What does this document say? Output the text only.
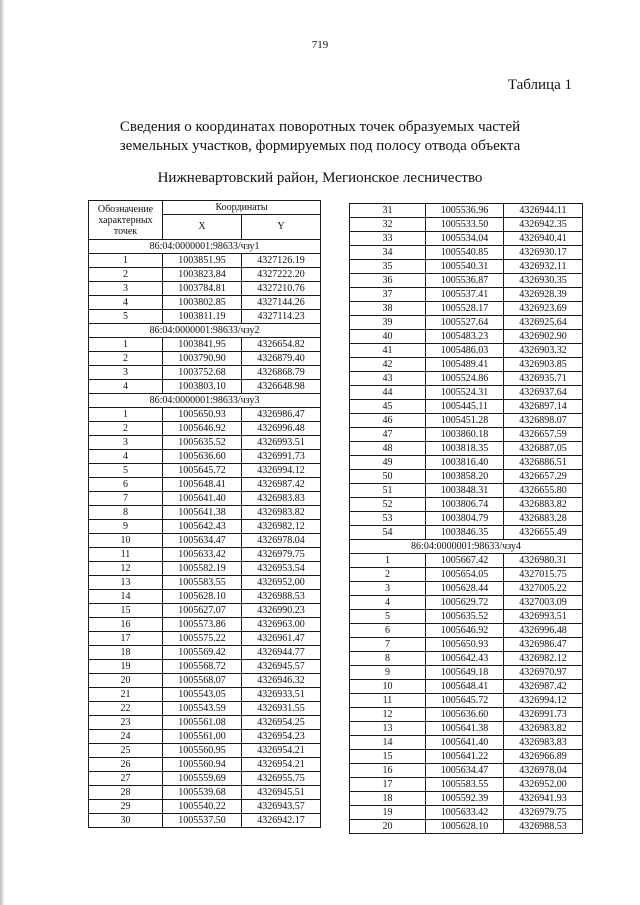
719
Таблица 1
Сведения о координатах поворотных точек образуемых частей
земельных участков, формируемых под полосу отвода объекта
Нижневартовский район, Мегионское лесничество
Обозначение характерных точек	Координаты	
	X	Y
86:04:0000001:98633/чзу1		
1	1003851.95	4327126.19
2	1003823.84	4327222.20
3	1003784.81	4327210.76
4	1003802.85	4327144.26
5	1003811.19	4327114.23
86:04:0000001:98633/чзу2		
1	1003841.95	4326654.82
2	1003790.90	4326879.40
3	1003752.68	4326868.79
4	1003803.10	4326648.98
86:04:0000001:98633/чзу3		
1	1005650.93	4326986.47
2	1005646.92	4326996.48
3	1005635.52	4326993.51
4	1005636.60	4326991.73
5	1005645.72	4326994.12
6	1005648.41	4326987.42
7	1005641.40	4326983.83
8	1005641.38	4326983.82
9	1005642.43	4326982.12
10	1005634.47	4326978.04
11	1005633.42	4326979.75
12	1005582.19	4326953.54
13	1005583.55	4326952.00
14	1005628.10	4326988.53
15	1005627.07	4326990.23
16	1005573.86	4326963.00
17	1005575.22	4326961.47
18	1005569.42	4326944.77
19	1005568.72	4326945.57
20	1005568.07	4326946.32
21	1005543.05	4326933.51
22	1005543.59	4326931.55
23	1005561.08	4326954.25
24	1005561.00	4326954.23
25	1005560.95	4326954.21
26	1005560.94	4326954.21
27	1005559.69	4326955.75
28	1005539.68	4326945.51
29	1005540.22	4326943.57
30	1005537.50	4326942.17
31	1005536.96	4326944.11
32	1005533.50	4326942.35
33	1005534.04	4326940.41
34	1005540.85	4326930.17
35	1005540.31	4326932.11
36	1005536.87	4326930.35
37	1005537.41	4326928.39
38	1005528.17	4326923.69
39	1005527.64	4326925.64
40	1005483.23	4326902.90
41	1005486.03	4326903.32
42	1005489.41	4326903.85
43	1005524.86	4326935.71
44	1005524.31	4326937.64
45	1005445.11	4326897.14
46	1005451.28	4326898.07
47	1003860.18	4326657.59
48	1003818.35	4326887.05
49	1003816.40	4326886.51
50	1003858.20	4326657.29
51	1003848.31	4326655.80
52	1003806.74	4326883.82
53	1003804.79	4326883.28
54	1003846.35	4326655.49
86:04:0000001:98633/чзу4		
1	1005667.42	4326980.31
2	1005654.05	4327015.75
3	1005628.44	4327005.22
4	1005629.72	4327003.09
5	1005635.52	4326993.51
6	1005646.92	4326996.48
7	1005650.93	4326986.47
8	1005642.43	4326982.12
9	1005649.18	4326970.97
10	1005648.41	4326987.42
11	1005645.72	4326994.12
12	1005636.60	4326991.73
13	1005641.38	4326983.82
14	1005641.40	4326983.83
15	1005641.22	4326966.89
16	1005634.47	4326978.04
17	1005583.55	4326952.00
18	1005592.39	4326941.93
19	1005633.42	4326979.75
20	1005628.10	4326988.53
